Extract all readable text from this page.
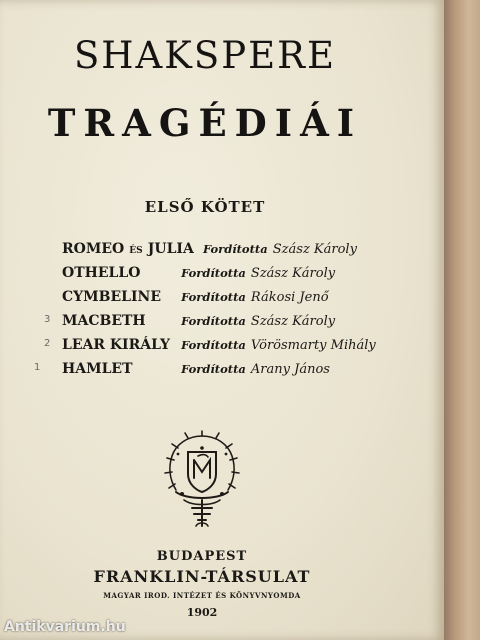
SHAKSPERE
TRAGÉDIÁI
ELSŐ KÖTET
3
2
1
ROMEO ÉS JULIA Fordította Szász Károly
OTHELLO	Fordította Szász Károly
CYMBELINE Fordította Rákosi Jenő
MACBETH	Fordította Szász Károly
LEAR KIRÁLY Fordította Vörösmarty Mihály
HAMLET	Fordította Arany János
BUDAPEST
FRANKLIN-TÁRSULAT
MAGYAR IROD. INTÉZET ÉS KÖNYVNYOMDA
1902
Antikvarium.hu
